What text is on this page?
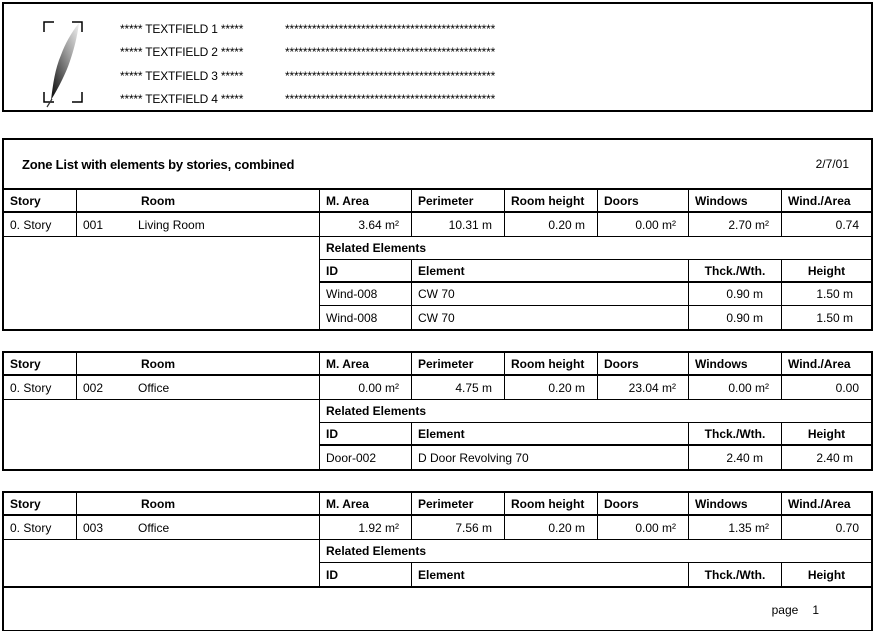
***** TEXTFIELD 1 *****	***********************************************
***** TEXTFIELD 2 *****	***********************************************
***** TEXTFIELD 3 *****	***********************************************
***** TEXTFIELD 4 *****	***********************************************
Zone List with elements by stories, combined	2/7/01
Story	Room	M. Area	Perimeter	Room height	Doors	Windows	Wind./Area
0. Story	001	Living Room	3.64 m²	10.31 m	0.20 m	0.00 m²	2.70 m²	0.74
Related Elements
ID	Element	Thck./Wth.	Height
Wind-008	CW 70	0.90 m	1.50 m
Wind-008	CW 70	0.90 m	1.50 m
Story	Room	M. Area	Perimeter	Room height	Doors	Windows	Wind./Area
0. Story	002	Office	0.00 m²	4.75 m	0.20 m	23.04 m²	0.00 m²	0.00
Related Elements
ID	Element	Thck./Wth.	Height
Door-002	D Door Revolving 70	2.40 m	2.40 m
Story	Room	M. Area	Perimeter	Room height	Doors	Windows	Wind./Area
0. Story	003	Office	1.92 m²	7.56 m	0.20 m	0.00 m²	1.35 m²	0.70
Related Elements
ID	Element	Thck./Wth.	Height
page 1
